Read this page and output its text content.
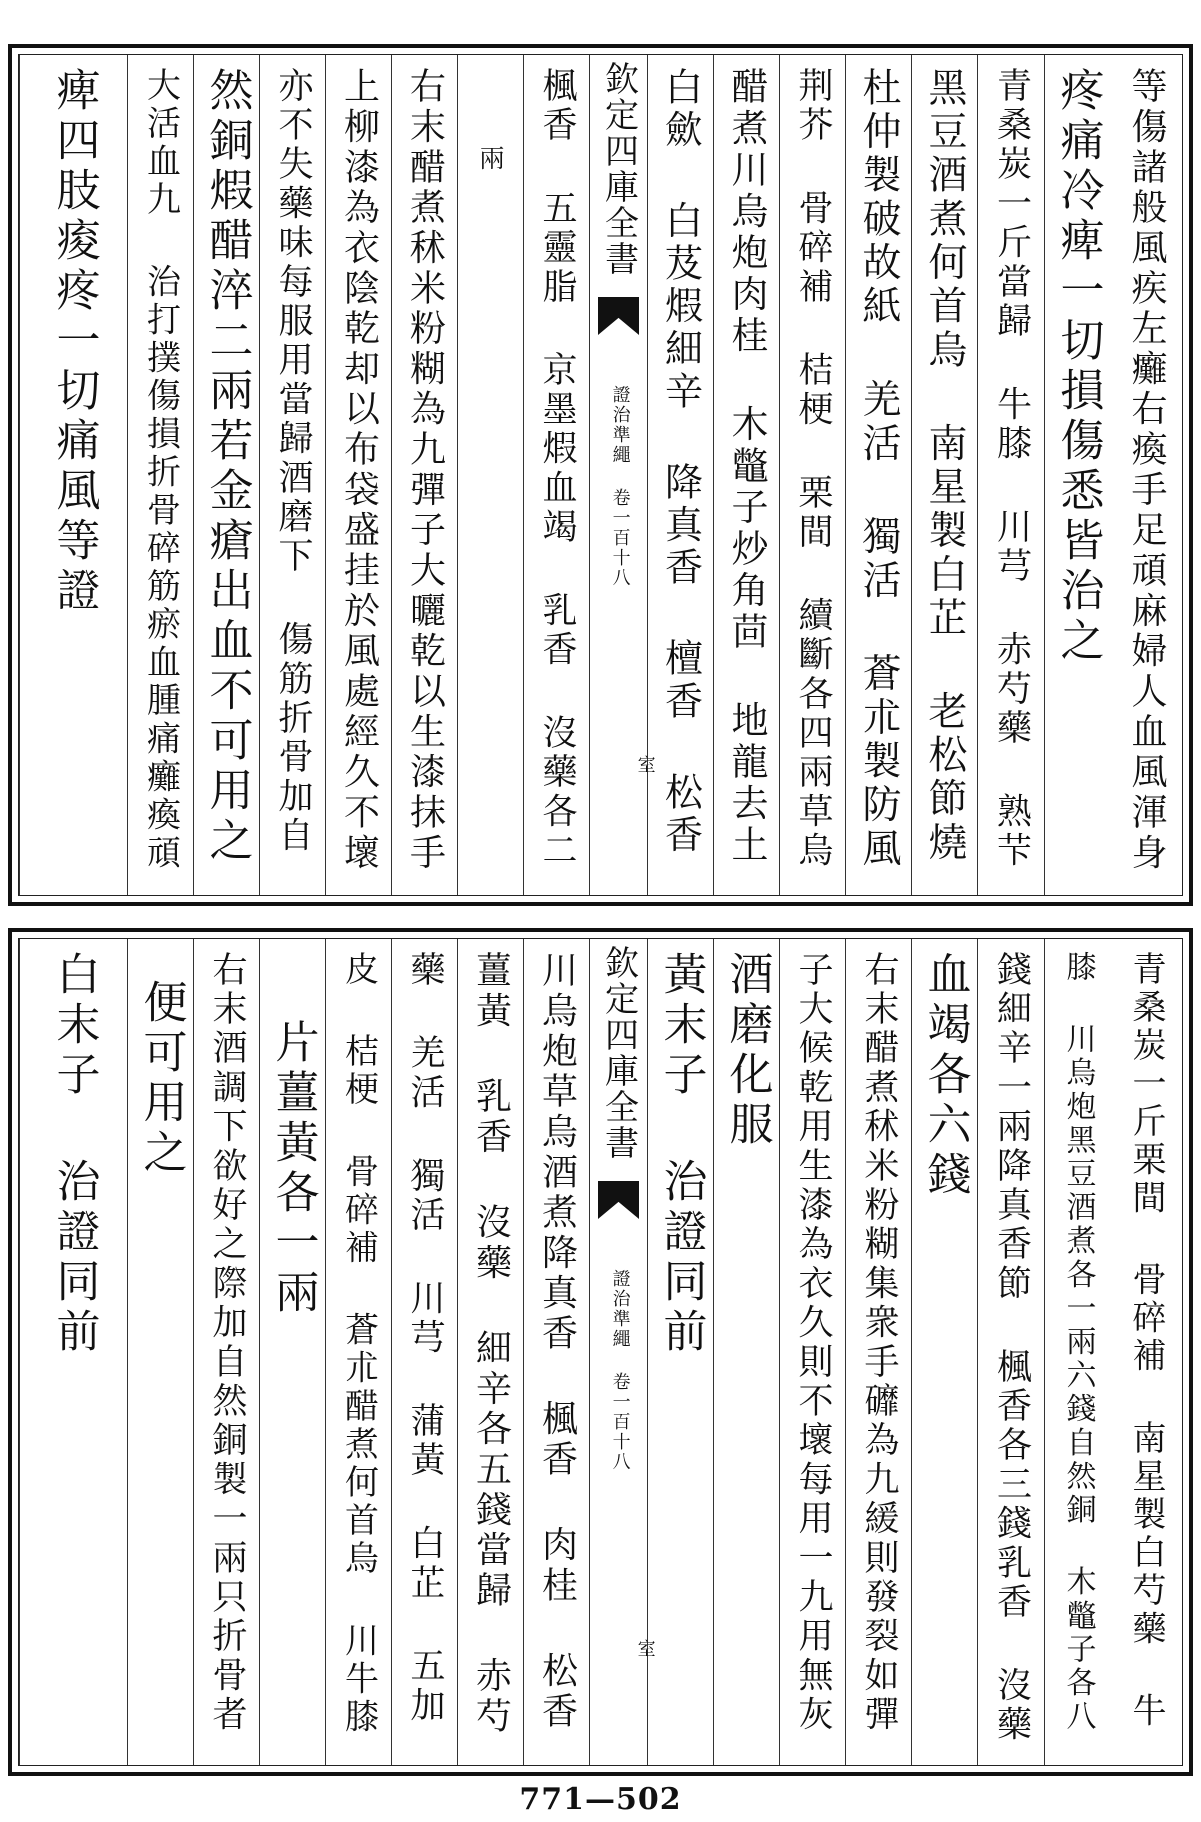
等傷諸般風疾左癱右瘓手足頑麻婦人血風渾身
疼痛冷痺一切損傷悉皆治之
青桑炭一斤當歸 牛膝 川芎 赤芍藥 熟芐
黑豆酒煮何首烏 南星製白芷 老松節燒
杜仲製破故紙 羌活 獨活 蒼朮製防風
荆芥 骨碎補 桔梗 栗間 續斷各四兩草烏
醋煮川烏炮肉桂 木鼈子炒角茴 地龍去土
白歛 白芨煆細辛 降真香 檀香 松香
欽定四庫全書
證治準繩 卷一百十八
室
楓香 五靈脂 京墨煆血竭 乳香 沒藥各二
兩
右末醋煮秫米粉糊為九彈子大曬乾以生漆抹手
上柳漆為衣陰乾却以布袋盛挂於風處經久不壞
亦不失藥味每服用當歸酒磨下 傷筋折骨加自
然銅煆醋淬二兩若金瘡出血不可用之
大活血九 治打撲傷損折骨碎筋瘀血腫痛癱瘓頑
痺四肢痠疼一切痛風等證
青桑炭一斤栗間 骨碎補 南星製白芍藥 牛
膝 川烏炮黑豆酒煮各一兩六錢自然銅 木鼈子各八
錢細辛一兩降真香節 楓香各三錢乳香 沒藥
血竭各六錢
右末醋煮秫米粉糊集衆手䃺為九緩則發裂如彈
子大候乾用生漆為衣久則不壞每用一九用無灰
酒磨化服
黃末子 治證同前
欽定四庫全書
證治準繩 卷一百十八
室
川烏炮草烏酒煮降真香 楓香 肉桂 松香
薑黃 乳香 沒藥 細辛各五錢當歸 赤芍
藥 羌活 獨活 川芎 蒲黃 白芷 五加
皮 桔梗 骨碎補 蒼朮醋煮何首烏 川牛膝
片薑黃各一兩
右末酒調下欲好之際加自然銅製一兩只折骨者
便可用之
白末子 治證同前
771—502
